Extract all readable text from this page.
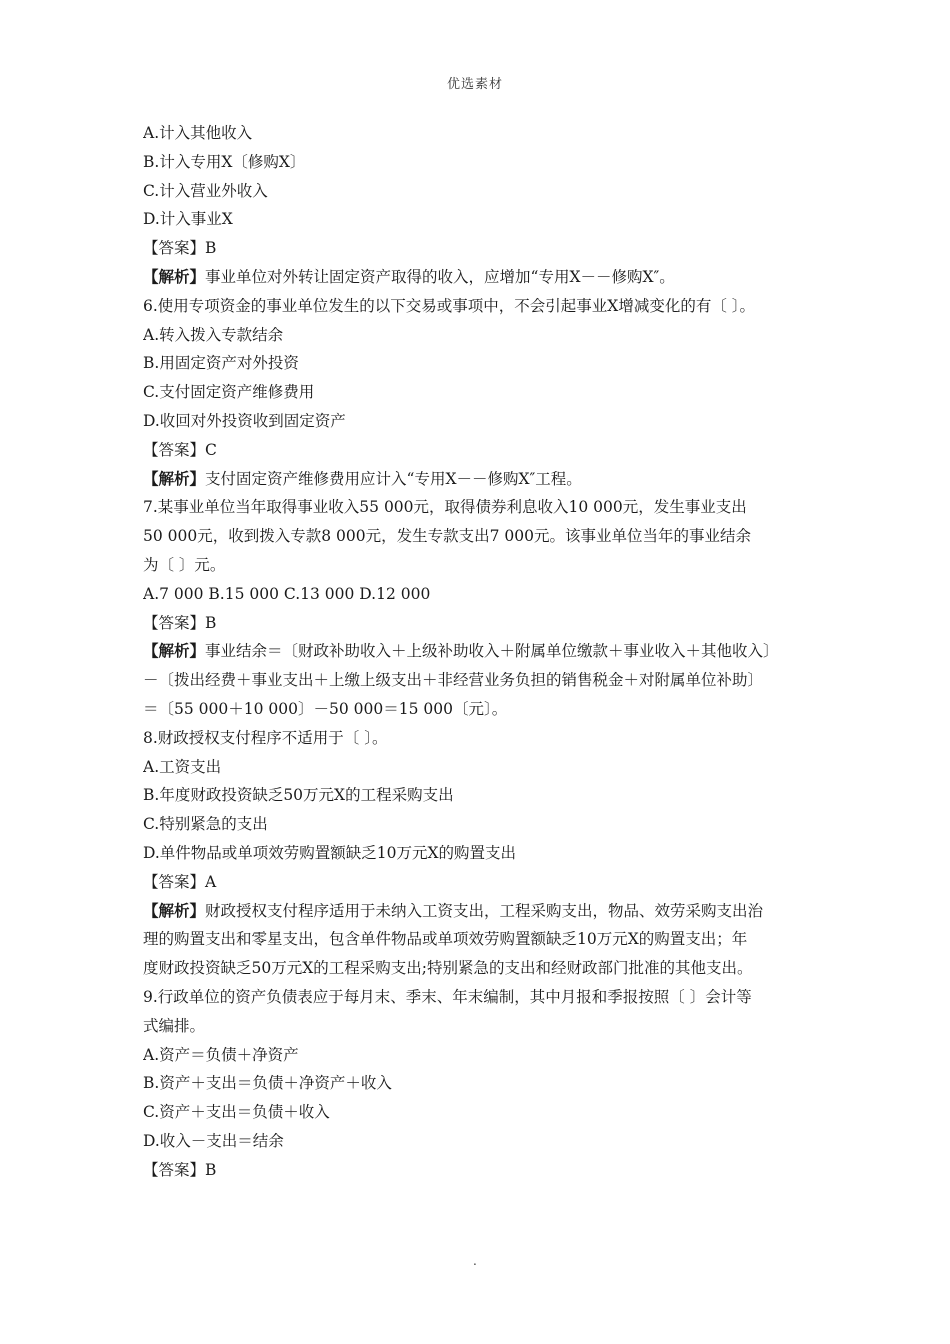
优选素材
A.计入其他收入
B.计入专用X〔修购X〕
C.计入营业外收入
D.计入事业X
【答案】B
【解析】事业单位对外转让固定资产取得的收入，应增加“专用X－－修购X″。
6.使用专项资金的事业单位发生的以下交易或事项中，不会引起事业X增减变化的有〔 〕。
A.转入拨入专款结余
B.用固定资产对外投资
C.支付固定资产维修费用
D.收回对外投资收到固定资产
【答案】C
【解析】支付固定资产维修费用应计入“专用X－－修购X″工程。
7.某事业单位当年取得事业收入55 000元，取得债券利息收入10 000元，发生事业支出
50 000元，收到拨入专款8 000元，发生专款支出7 000元。该事业单位当年的事业结余
为〔 〕元。
A.7 000 B.15 000 C.13 000 D.12 000
【答案】B
【解析】事业结余＝〔财政补助收入＋上级补助收入＋附属单位缴款＋事业收入＋其他收入〕
－〔拨出经费＋事业支出＋上缴上级支出＋非经营业务负担的销售税金＋对附属单位补助〕
＝〔55 000＋10 000〕－50 000＝15 000〔元〕。
8.财政授权支付程序不适用于〔 〕。
A.工资支出
B.年度财政投资缺乏50万元X的工程采购支出
C.特别紧急的支出
D.单件物品或单项效劳购置额缺乏10万元X的购置支出
【答案】A
【解析】财政授权支付程序适用于未纳入工资支出，工程采购支出，物品、效劳采购支出治
理的购置支出和零星支出，包含单件物品或单项效劳购置额缺乏10万元X的购置支出；年
度财政投资缺乏50万元X的工程采购支出;特别紧急的支出和经财政部门批准的其他支出。
9.行政单位的资产负债表应于每月末、季末、年末编制，其中月报和季报按照〔 〕会计等
式编排。
A.资产＝负债＋净资产
B.资产＋支出＝负债＋净资产＋收入
C.资产＋支出＝负债＋收入
D.收入－支出＝结余
【答案】B
.
